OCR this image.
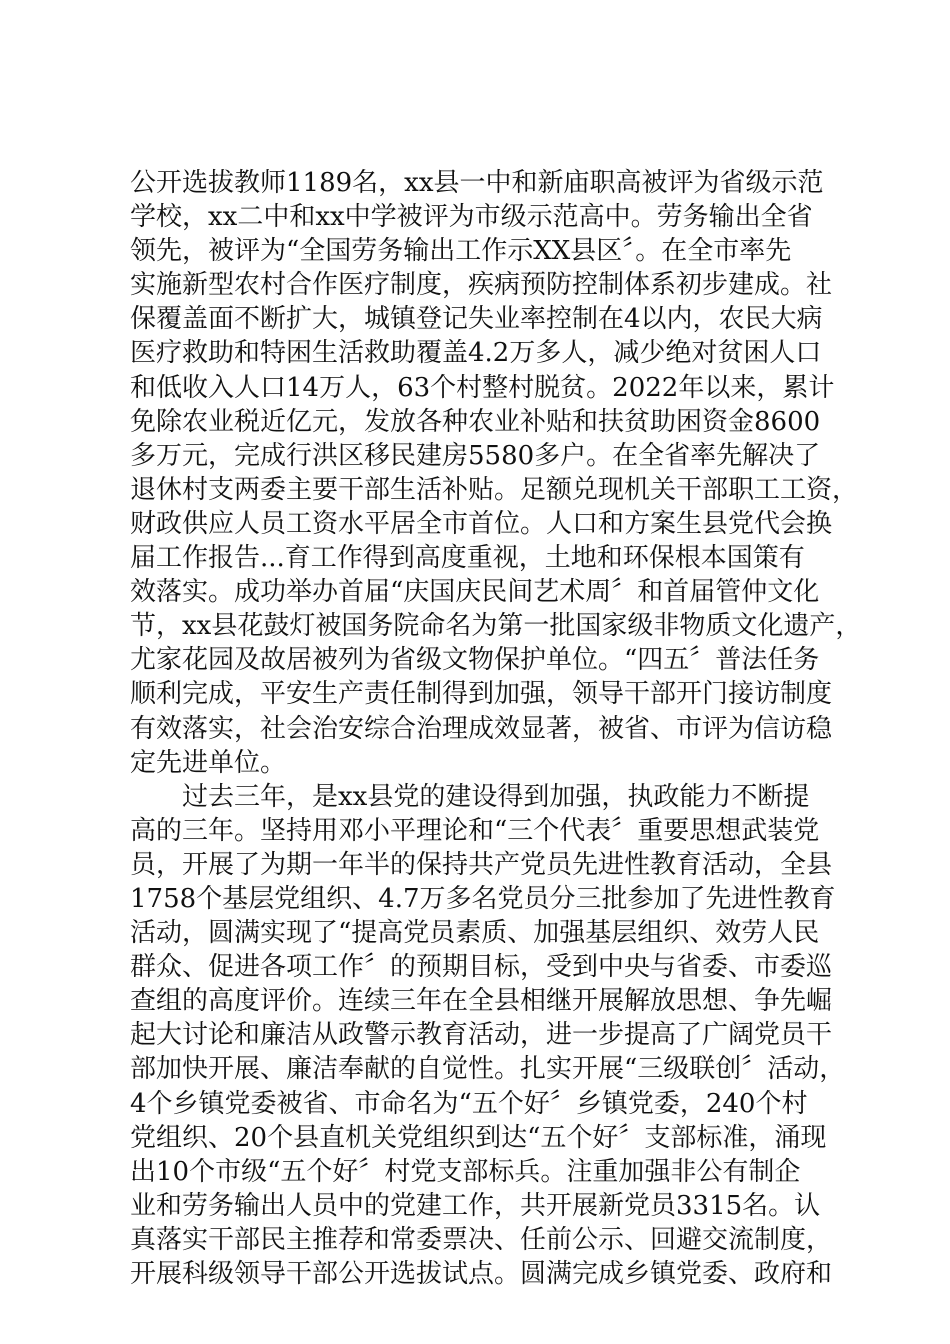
公开选拔教师1189名，xx县一中和新庙职高被评为省级示范
学校，xx二中和xx中学被评为市级示范高中。劳务输出全省
领先，被评为“全国劳务输出工作示XX县区〞。在全市率先
实施新型农村合作医疗制度，疾病预防控制体系初步建成。社
保覆盖面不断扩大，城镇登记失业率控制在4以内，农民大病
医疗救助和特困生活救助覆盖4.2万多人，减少绝对贫困人口
和低收入人口14万人，63个村整村脱贫。2022年以来，累计
免除农业税近亿元，发放各种农业补贴和扶贫助困资金8600
多万元，完成行洪区移民建房5580多户。在全省率先解决了
退休村支两委主要干部生活补贴。足额兑现机关干部职工工资，
财政供应人员工资水平居全市首位。人口和方案生县党代会换
届工作报告...育工作得到高度重视，土地和环保根本国策有
效落实。成功举办首届“庆国庆民间艺术周〞和首届管仲文化
节，xx县花鼓灯被国务院命名为第一批国家级非物质文化遗产，
尤家花园及故居被列为省级文物保护单位。“四五〞普法任务
顺利完成，平安生产责任制得到加强，领导干部开门接访制度
有效落实，社会治安综合治理成效显著，被省、市评为信访稳
定先进单位。
过去三年，是xx县党的建设得到加强，执政能力不断提
高的三年。坚持用邓小平理论和“三个代表〞重要思想武装党
员，开展了为期一年半的保持共产党员先进性教育活动，全县
1758个基层党组织、4.7万多名党员分三批参加了先进性教育
活动，圆满实现了“提高党员素质、加强基层组织、效劳人民
群众、促进各项工作〞的预期目标，受到中央与省委、市委巡
查组的高度评价。连续三年在全县相继开展解放思想、争先崛
起大讨论和廉洁从政警示教育活动，进一步提高了广阔党员干
部加快开展、廉洁奉献的自觉性。扎实开展“三级联创〞活动，
4个乡镇党委被省、市命名为“五个好〞乡镇党委，240个村
党组织、20个县直机关党组织到达“五个好〞支部标准，涌现
出10个市级“五个好〞村党支部标兵。注重加强非公有制企
业和劳务输出人员中的党建工作，共开展新党员3315名。认
真落实干部民主推荐和常委票决、任前公示、回避交流制度，
开展科级领导干部公开选拔试点。圆满完成乡镇党委、政府和
